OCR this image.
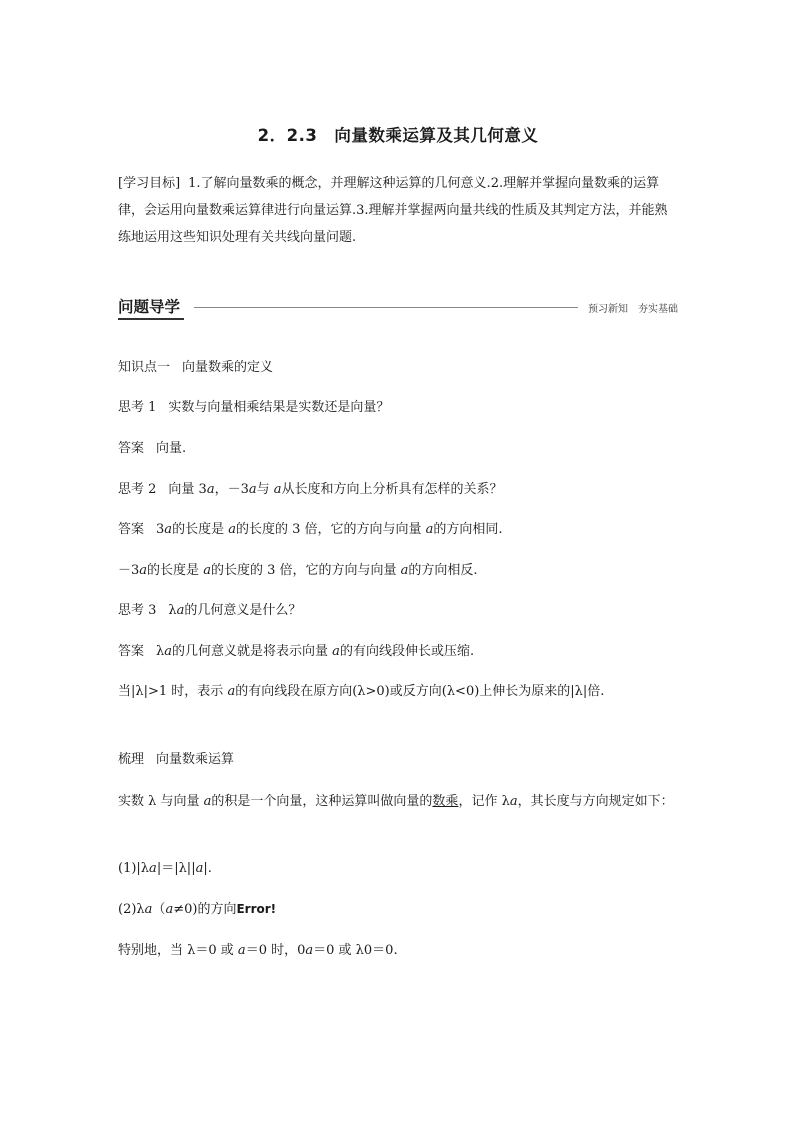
2．2.3　向量数乘运算及其几何意义
[学习目标] 1.了解向量数乘的概念，并理解这种运算的几何意义.2.理解并掌握向量数乘的运算律，会运用向量数乘运算律进行向量运算.3.理解并掌握两向量共线的性质及其判定方法，并能熟练地运用这些知识处理有关共线向量问题.
问题导学	预习新知　夯实基础
知识点一 向量数乘的定义
思考 1 实数与向量相乘结果是实数还是向量？
答案 向量.
思考 2 向量 3a，－3a与 a从长度和方向上分析具有怎样的关系？
答案 3a的长度是 a的长度的 3 倍，它的方向与向量 a的方向相同.
－3a的长度是 a的长度的 3 倍，它的方向与向量 a的方向相反.
思考 3 λa的几何意义是什么？
答案 λa的几何意义就是将表示向量 a的有向线段伸长或压缩.
当|λ|>1 时，表示 a的有向线段在原方向(λ>0)或反方向(λ<0)上伸长为原来的|λ|倍.
梳理 向量数乘运算
实数 λ 与向量 a的积是一个向量，这种运算叫做向量的数乘，记作 λa，其长度与方向规定如下：
(1)|λa|＝|λ||a|.
(2)λa（a≠0)的方向Error!
特别地，当 λ＝0 或 a＝0 时，0a＝0 或 λ0＝0.
